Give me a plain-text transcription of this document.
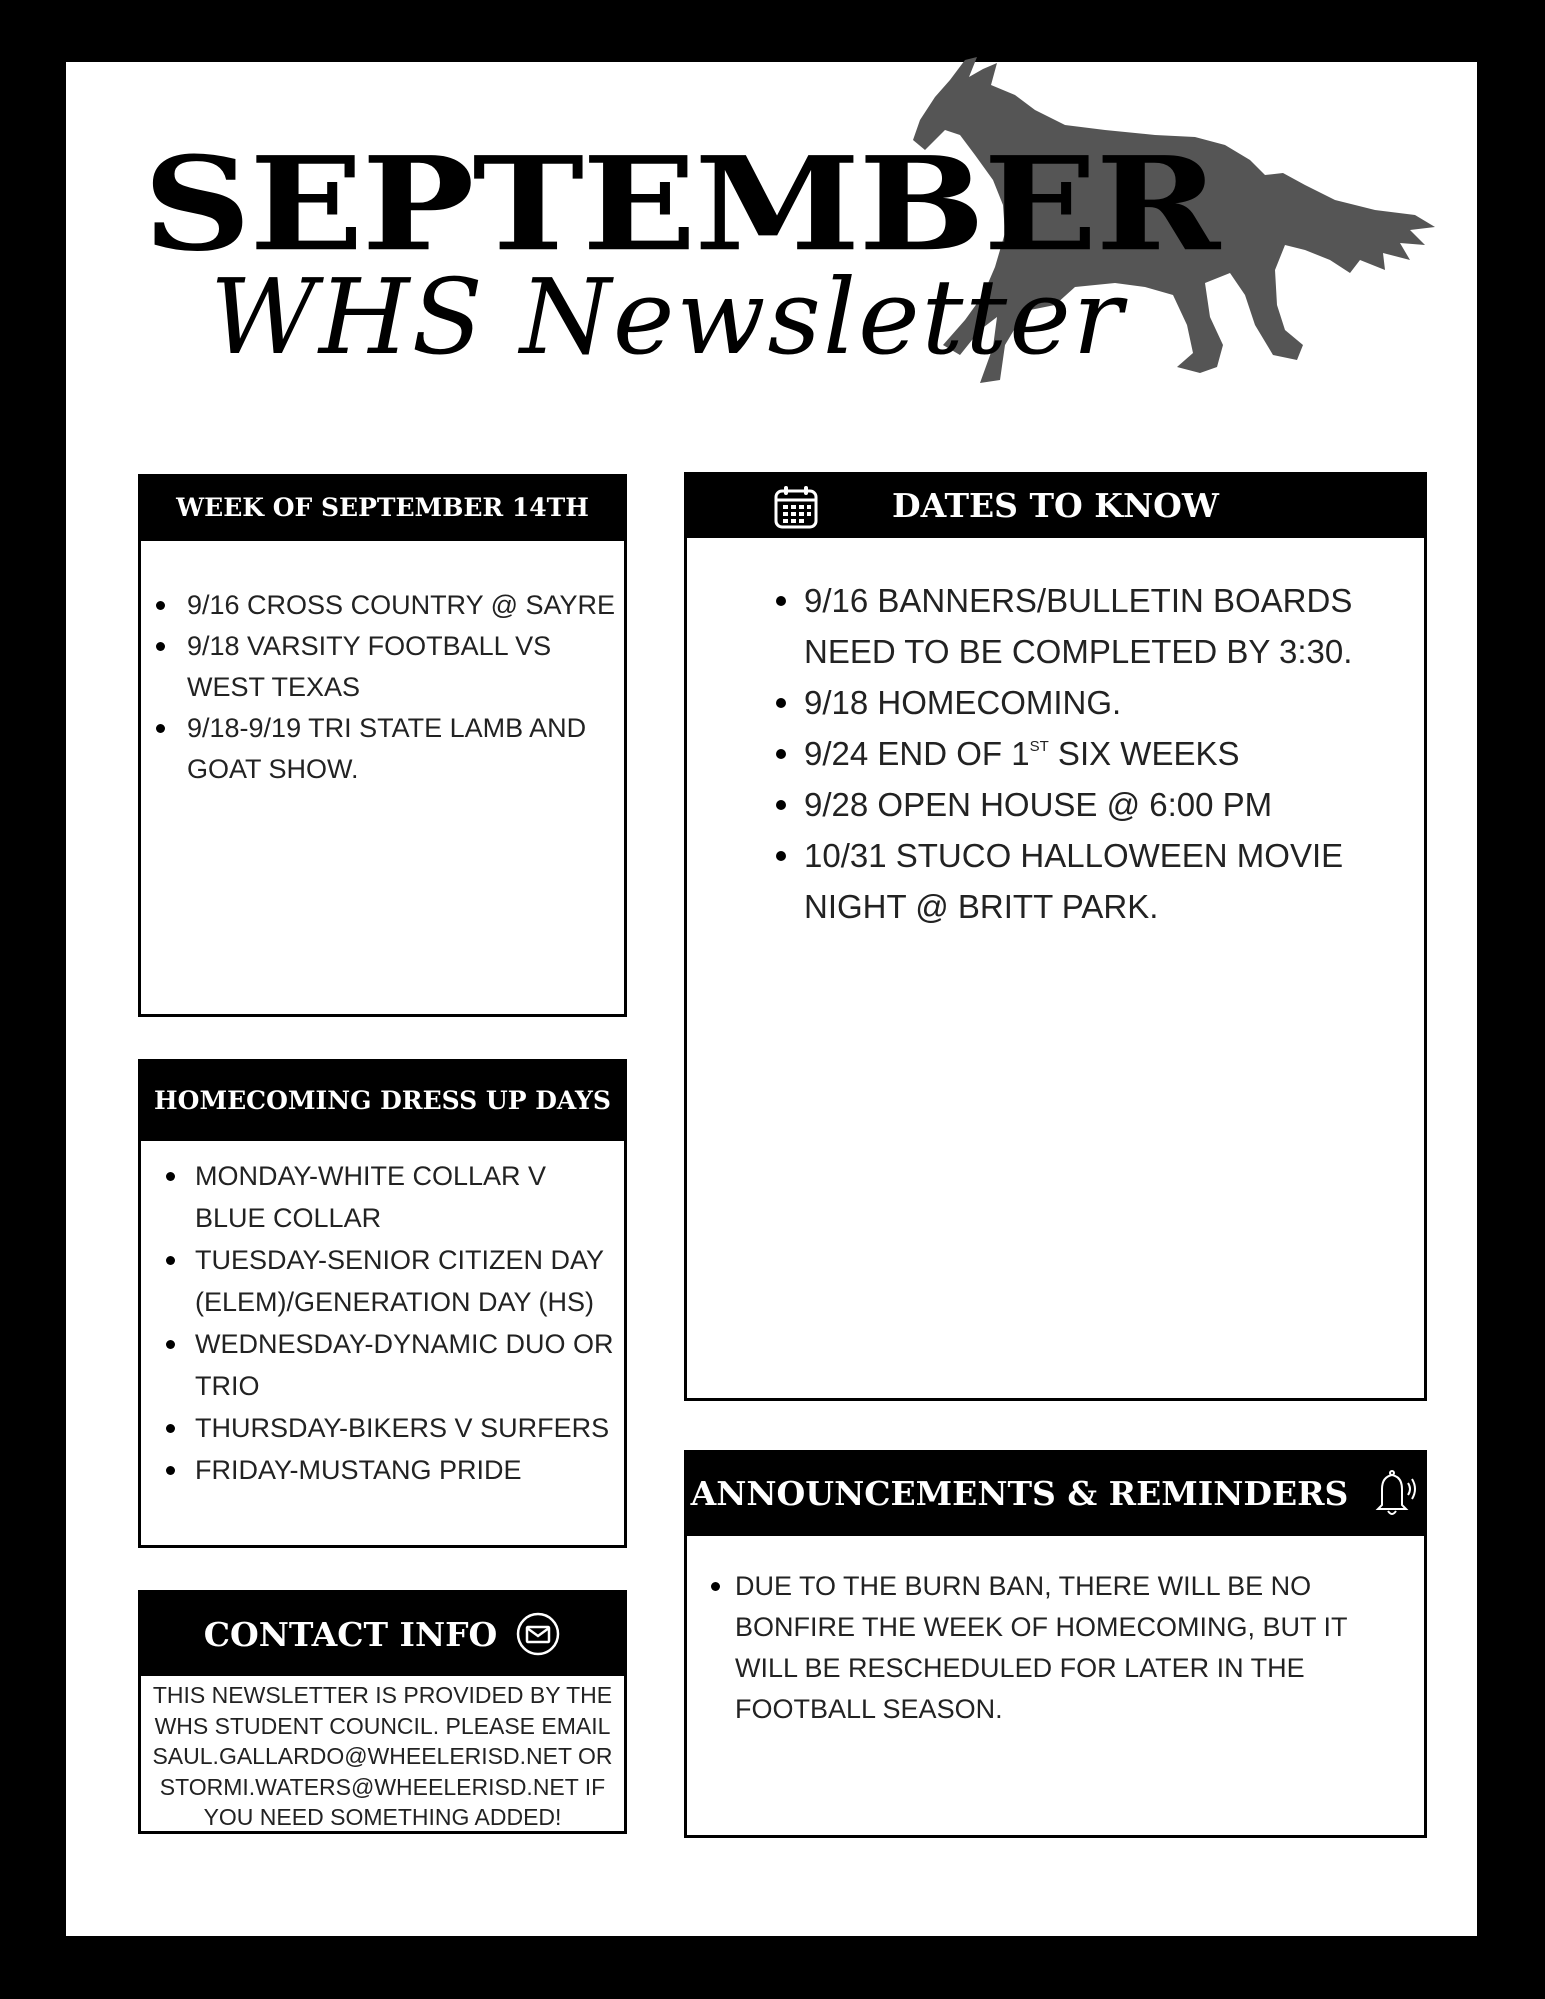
SEPTEMBER
WHS Newsletter
WEEK OF SEPTEMBER 14TH
9/16 CROSS COUNTRY @ SAYRE
9/18 VARSITY FOOTBALL VS WEST TEXAS
9/18-9/19 TRI STATE LAMB AND GOAT SHOW.
DATES TO KNOW
9/16 BANNERS/BULLETIN BOARDS NEED TO BE COMPLETED BY 3:30.
9/18 HOMECOMING.
9/24 END OF 1ST SIX WEEKS
9/28 OPEN HOUSE @ 6:00 PM
10/31 STUCO HALLOWEEN MOVIE NIGHT @ BRITT PARK.
HOMECOMING DRESS UP DAYS
MONDAY-WHITE COLLAR V BLUE COLLAR
TUESDAY-SENIOR CITIZEN DAY (ELEM)/GENERATION DAY (HS)
WEDNESDAY-DYNAMIC DUO OR TRIO
THURSDAY-BIKERS V SURFERS
FRIDAY-MUSTANG PRIDE
ANNOUNCEMENTS & REMINDERS
DUE TO THE BURN BAN, THERE WILL BE NO BONFIRE THE WEEK OF HOMECOMING, BUT IT WILL BE RESCHEDULED FOR LATER IN THE FOOTBALL SEASON.
CONTACT INFO
THIS NEWSLETTER IS PROVIDED BY THE WHS STUDENT COUNCIL. PLEASE EMAIL SAUL.GALLARDO@WHEELERISD.NET OR STORMI.WATERS@WHEELERISD.NET IF YOU NEED SOMETHING ADDED!
